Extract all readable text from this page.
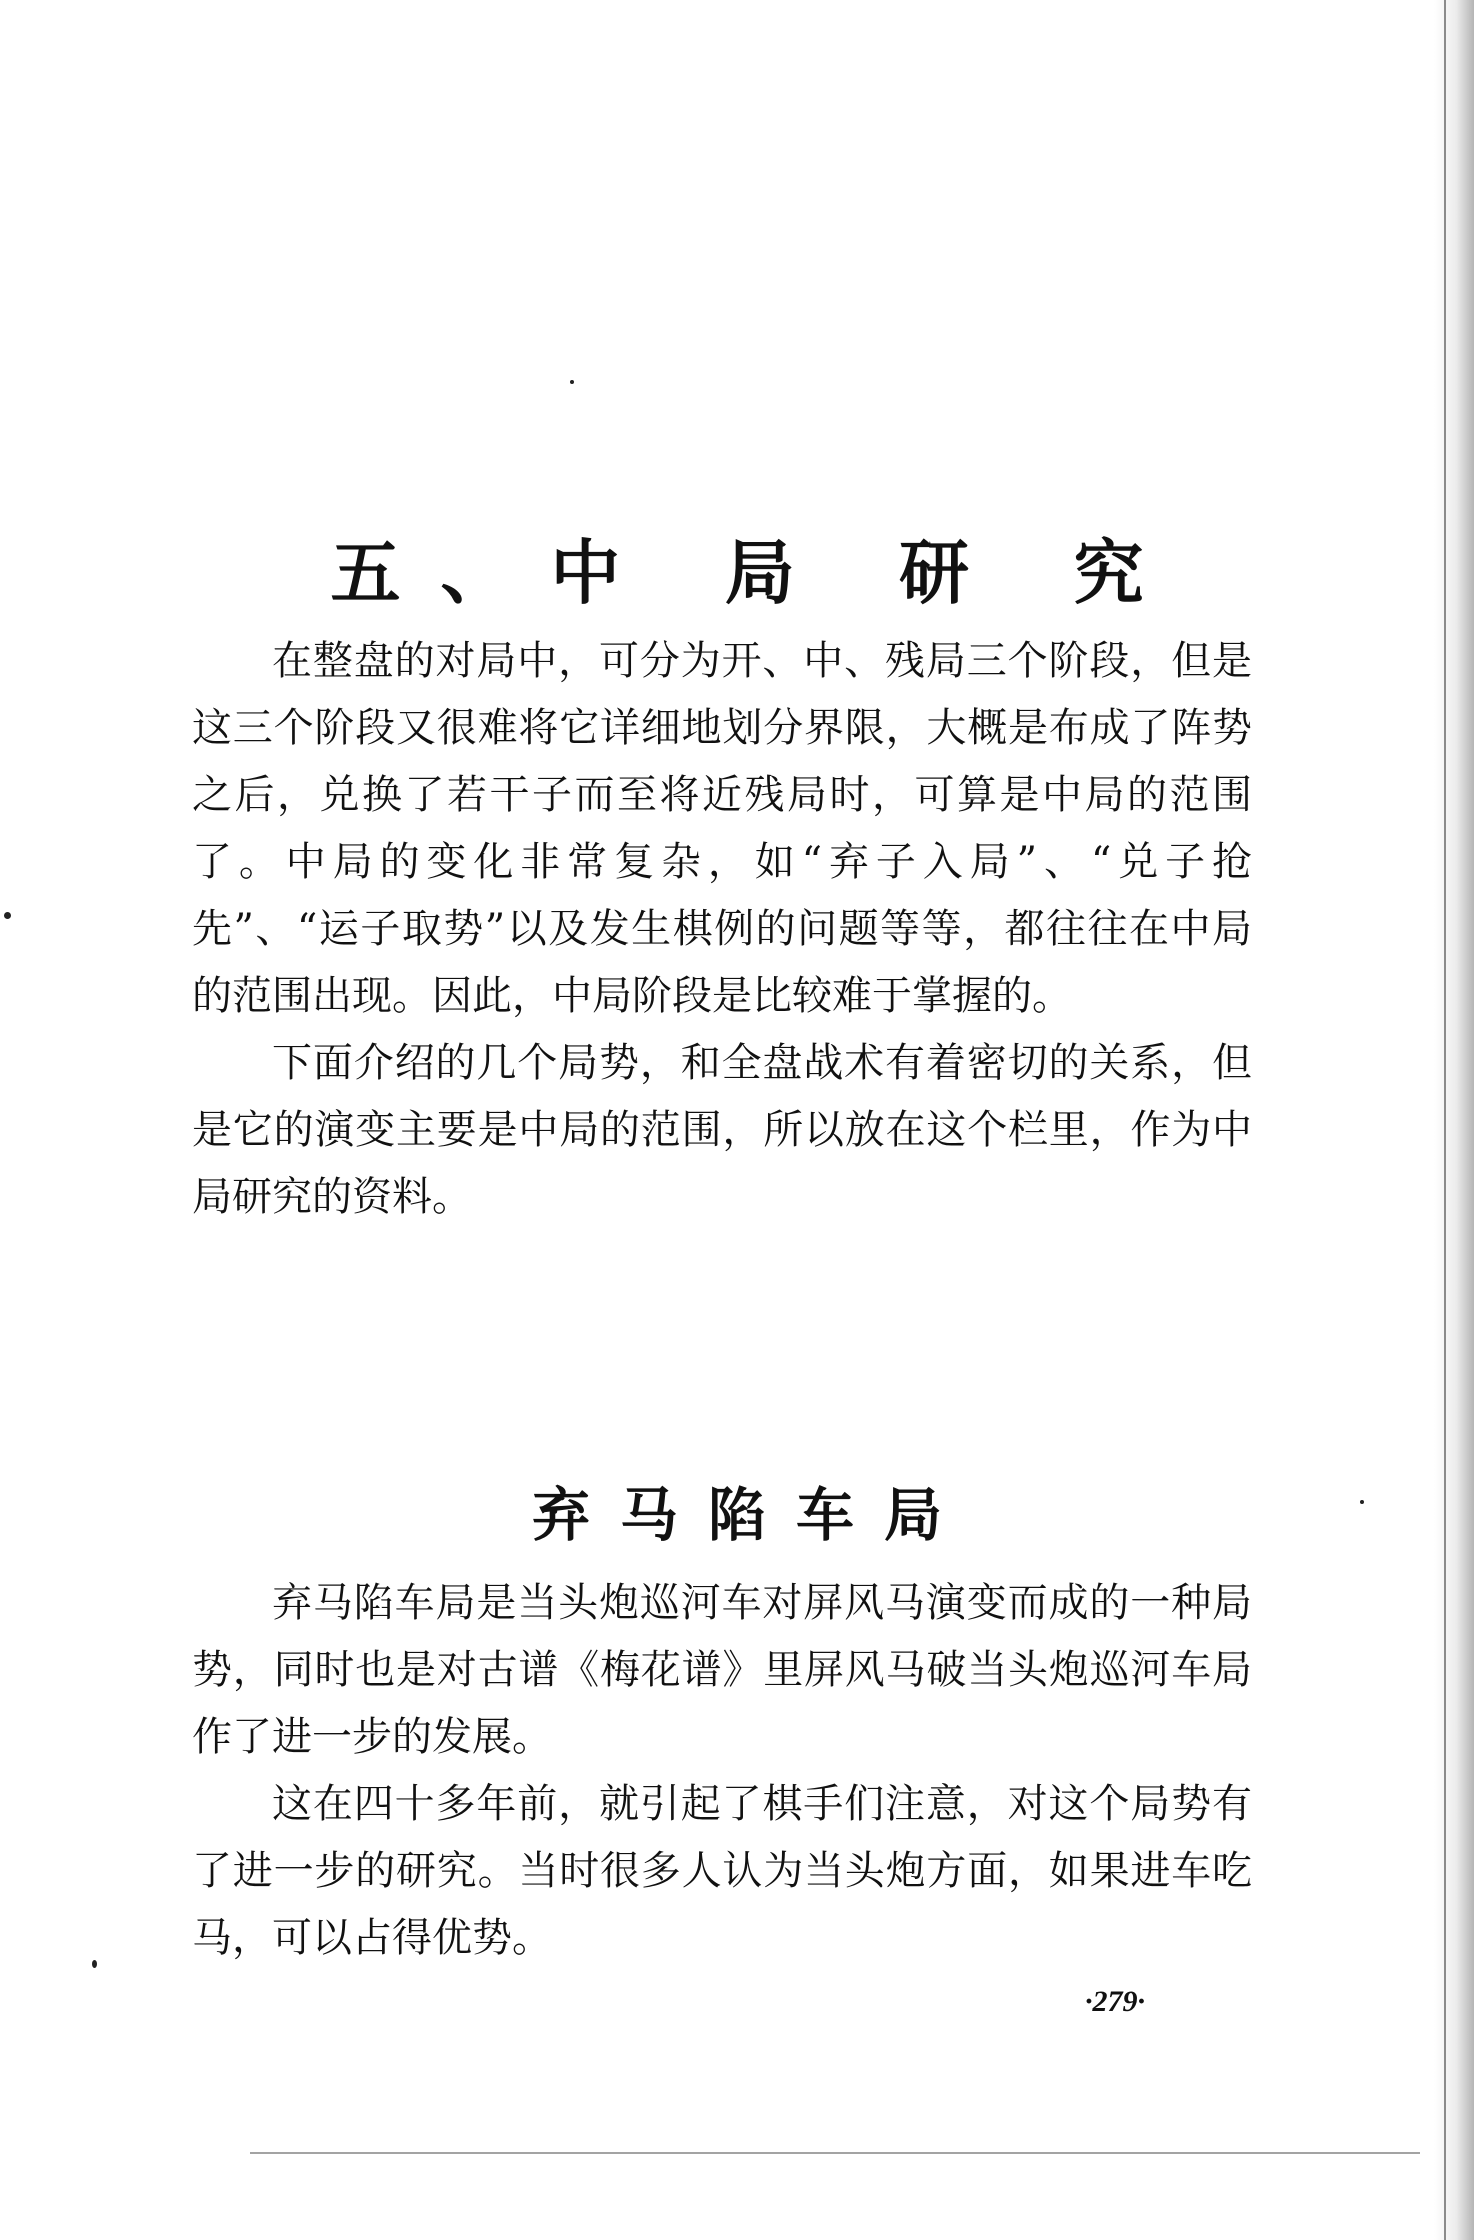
五、中 局 研 究

在整盘的对局中，可分为开、中、残局三个阶段，但是这三个阶段又很难将它详细地划分界限，大概是布成了阵势之后，兑换了若干子而至将近残局时，可算是中局的范围了。中局的变化非常复杂，如“弃子入局”、“兑子抢先”、“运子取势”以及发生棋例的问题等等，都往往在中局的范围出现。因此，中局阶段是比较难于掌握的。

下面介绍的几个局势，和全盘战术有着密切的关系，但是它的演变主要是中局的范围，所以放在这个栏里，作为中局研究的资料。

弃马陷车局

弃马陷车局是当头炮巡河车对屏风马演变而成的一种局势，同时也是对古谱《梅花谱》里屏风马破当头炮巡河车局作了进一步的发展。

这在四十多年前，就引起了棋手们注意，对这个局势有了进一步的研究。当时很多人认为当头炮方面，如果进车吃马，可以占得优势。

·279·
